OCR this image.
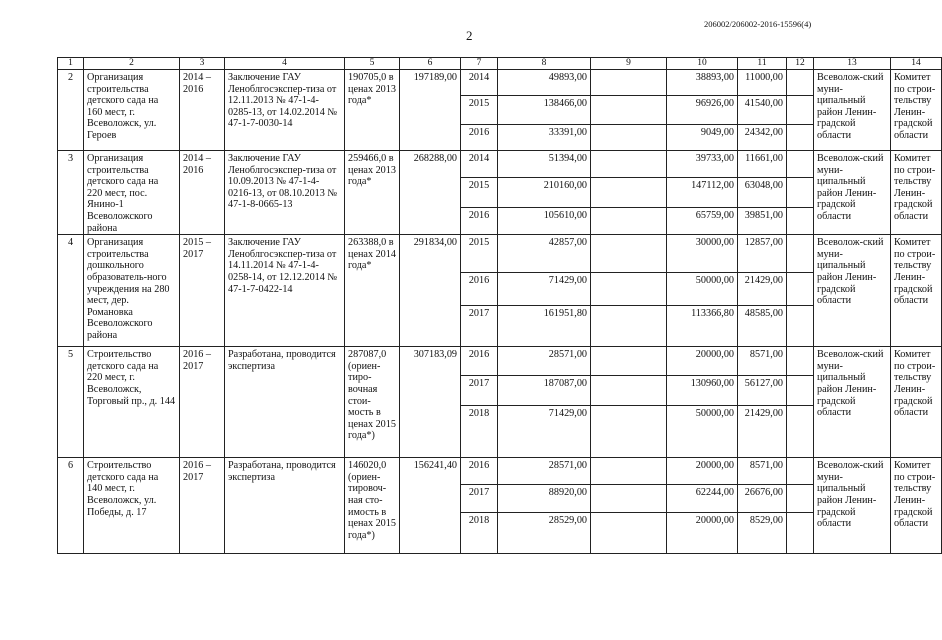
206002/206002-2016-15596(4)
2
1	2	3	4	5	6	7	8	9	10	11	12	13	14
2	Организация строительства детского сада на 160 мест, г. Всеволожск, ул. Героев	2014 – 2016	Заключение ГАУ Леноблгосэкспер-тиза от 12.11.2013 № 47-1-4-0285-13, от 14.02.2014 № 47-1-7-0030-14	190705,0 в ценах 2013 года*	197189,00	2014	49893,00		38893,00	11000,00		Всеволож-ский муни-ципальный район Ленин-градской области	Комитет по строи-тельству Ленин-градской области
						2015	138466,00		96926,00	41540,00			
						2016	33391,00		9049,00	24342,00			
3	Организация строительства детского сада на 220 мест, пос. Янино-1 Всеволожского района	2014 – 2016	Заключение ГАУ Леноблгосэкспер-тиза от 10.09.2013 № 47-1-4-0216-13, от 08.10.2013 № 47-1-8-0665-13	259466,0 в ценах 2013 года*	268288,00	2014	51394,00		39733,00	11661,00		Всеволож-ский муни-ципальный район Ленин-градской области	Комитет по строи-тельству Ленин-градской области
						2015	210160,00		147112,00	63048,00			
						2016	105610,00		65759,00	39851,00			
4	Организация строительства дошкольного образователь-ного учреждения на 280 мест, дер. Романовка Всеволожского района	2015 – 2017	Заключение ГАУ Леноблгосэкспер-тиза от 14.11.2014 № 47-1-4-0258-14, от 12.12.2014 № 47-1-7-0422-14	263388,0 в ценах 2014 года*	291834,00	2015	42857,00		30000,00	12857,00		Всеволож-ский муни-ципальный район Ленин-градской области	Комитет по строи-тельству Ленин-градской области
						2016	71429,00		50000,00	21429,00			
						2017	161951,80		113366,80	48585,00			
5	Строительство детского сада на 220 мест, г. Всеволожск, Торговый пр., д. 144	2016 – 2017	Разработана, проводится экспертиза	287087,0 (ориен-тиро-вочная стои-мость в ценах 2015 года*)	307183,09	2016	28571,00		20000,00	8571,00		Всеволож-ский муни-ципальный район Ленин-градской области	Комитет по строи-тельству Ленин-градской области
						2017	187087,00		130960,00	56127,00			
						2018	71429,00		50000,00	21429,00			
6	Строительство детского сада на 140 мест, г. Всеволожск, ул. Победы, д. 17	2016 – 2017	Разработана, проводится экспертиза	146020,0 (ориен-тировоч-ная сто-имость в ценах 2015 года*)	156241,40	2016	28571,00		20000,00	8571,00		Всеволож-ский муни-ципальный район Ленин-градской области	Комитет по строи-тельству Ленин-градской области
						2017	88920,00		62244,00	26676,00			
						2018	28529,00		20000,00	8529,00			
